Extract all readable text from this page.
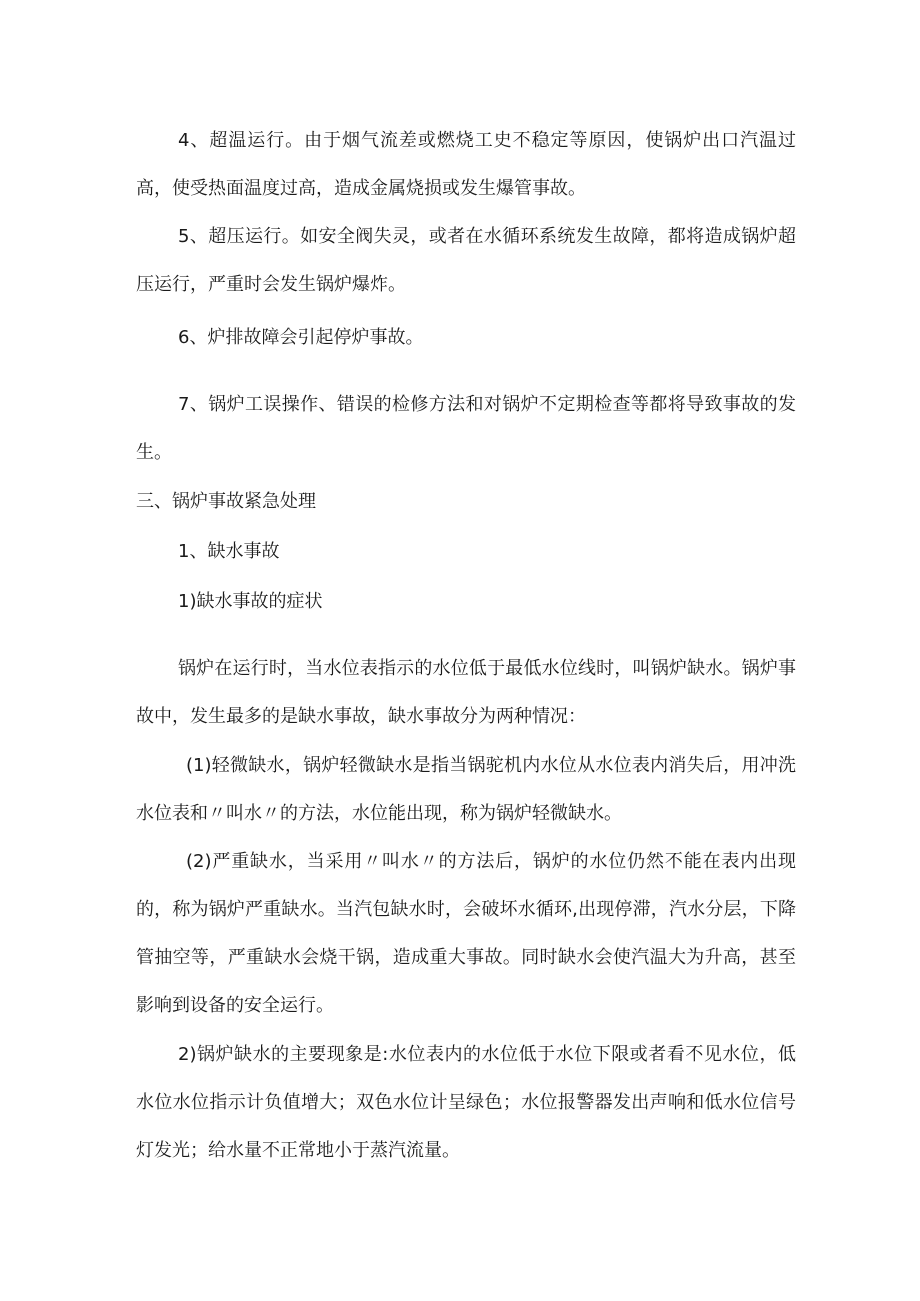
4、超温运行。由于烟气流差或燃烧工史不稳定等原因，使锅炉出口汽温过高，使受热面温度过高，造成金属烧损或发生爆管事故。

5、超压运行。如安全阀失灵，或者在水循环系统发生故障，都将造成锅炉超压运行，严重时会发生锅炉爆炸。

6、炉排故障会引起停炉事故。

7、锅炉工误操作、错误的检修方法和对锅炉不定期检查等都将导致事故的发生。

三、锅炉事故紧急处理

1、缺水事故

1)缺水事故的症状

锅炉在运行时，当水位表指示的水位低于最低水位线时，叫锅炉缺水。锅炉事故中，发生最多的是缺水事故，缺水事故分为两种情况：

(1)轻微缺水，锅炉轻微缺水是指当锅驼机内水位从水位表内消失后，用冲洗水位表和〃叫水〃的方法，水位能出现，称为锅炉轻微缺水。

(2)严重缺水，当采用〃叫水〃的方法后，锅炉的水位仍然不能在表内出现的，称为锅炉严重缺水。当汽包缺水时，会破坏水循环,出现停滞，汽水分层，下降管抽空等，严重缺水会烧干锅，造成重大事故。同时缺水会使汽温大为升高，甚至影响到设备的安全运行。

2)锅炉缺水的主要现象是:水位表内的水位低于水位下限或者看不见水位，低水位水位指示计负值增大；双色水位计呈绿色；水位报警器发出声响和低水位信号灯发光；给水量不正常地小于蒸汽流量。
